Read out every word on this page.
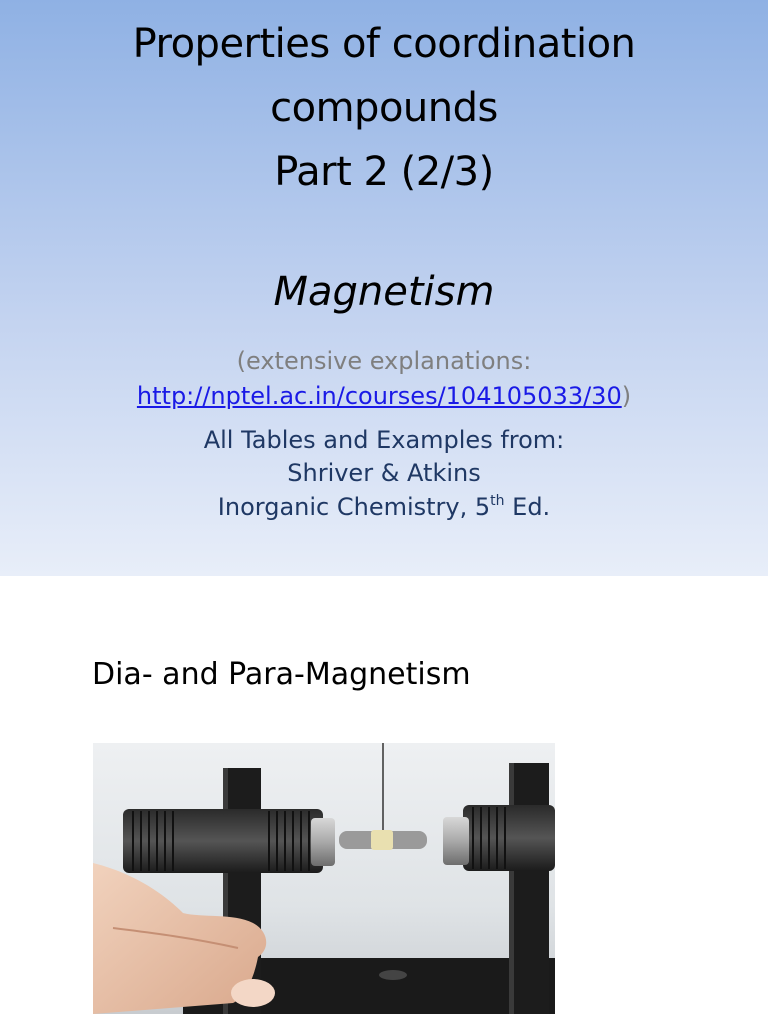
Properties of coordination
compounds
Part 2 (2/3)
Magnetism
(extensive explanations:
http://nptel.ac.in/courses/104105033/30)
All Tables and Examples from:
Shriver & Atkins
Inorganic Chemistry, 5th Ed.
Dia- and Para-Magnetism
